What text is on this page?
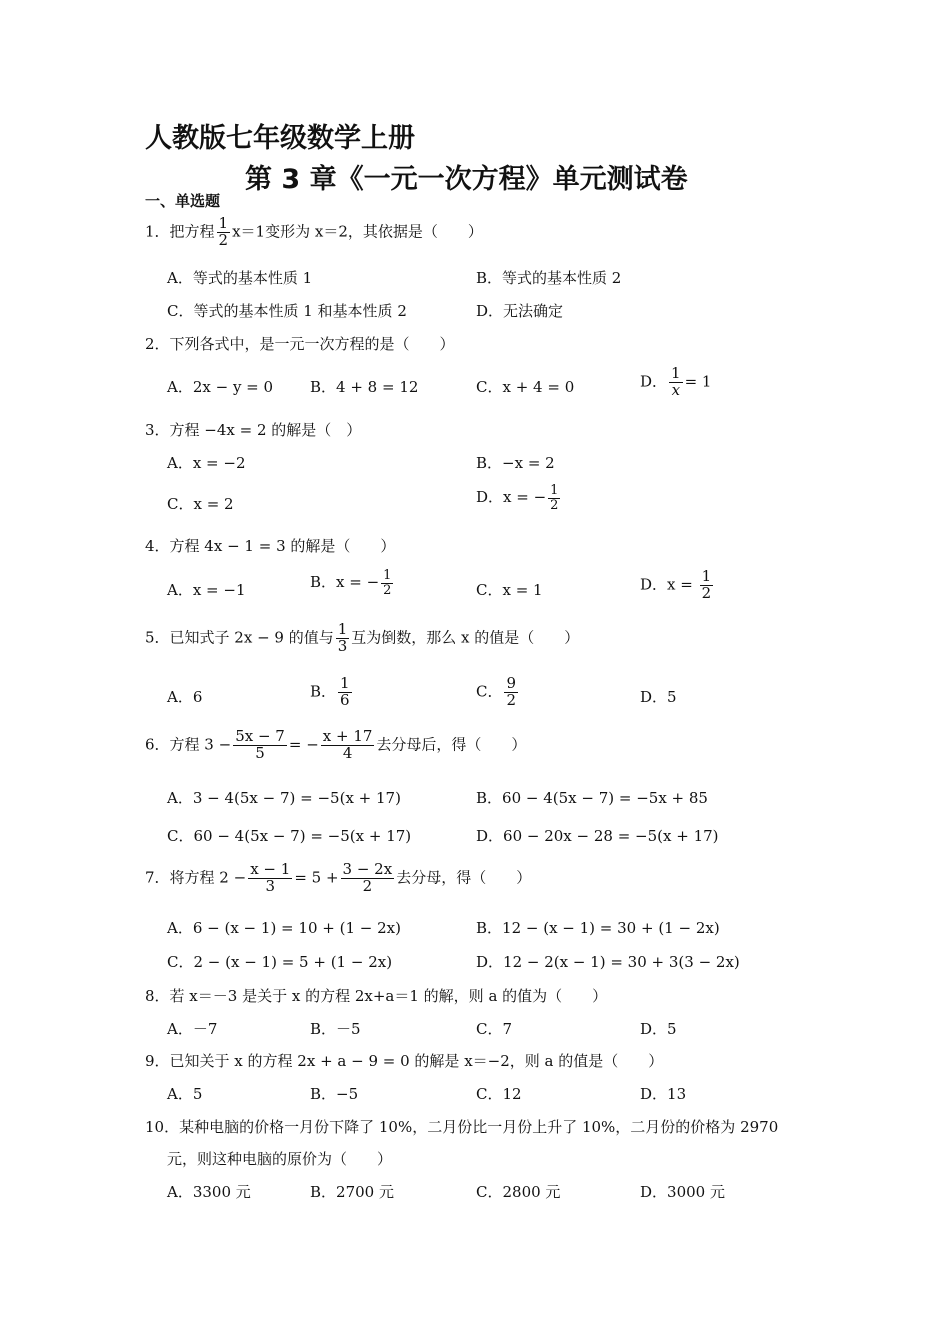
人教版七年级数学上册
第 3 章《一元一次方程》单元测试卷
一、单选题
1．把方程 $\frac{1}{2} x=1$变形为 x＝2，其依据是（　　）
A．等式的基本性质 1	B．等式的基本性质 2
C．等式的基本性质 1 和基本性质 2	D．无法确定
2．下列各式中，是一元一次方程的是（　　）
A．2x − y = 0 B．4 + 8 = 12	C．x + 4 = 0	D． $\frac{1}{x} = 1$
3．方程 −4x = 2 的解是（　）
A．x = −2	B．−x = 2
C．x = 2	D．x = − $\frac{1}{2}$
4．方程 4x − 1 = 3 的解是（　　）
A．x = −1	B．x = − $\frac{1}{2}$	C．x = 1	D．$x = \frac{1}{2}$
5．已知式子 2x − 9 的值与 $\frac{1}{3}$ 互为倒数，那么 x 的值是（　　）
A．6	B． $\frac{1}{6}$	C． $\frac{9}{2}$	D．5
6．方程 $3 - \frac{5x - 7}{5}$ = − $\frac{x + 17}{4}$ 去分母后，得（　　）
A．3 − 4(5x − 7) = −5(x + 17)	B．60 − 4(5x − 7) = −5x + 85
C．60 − 4(5x − 7) = −5(x + 17)	D．60 − 20x − 28 = −5(x + 17)
7．将方程 $2 - \frac{x - 1}{3} = 5 + \frac{3 - 2x}{2}$ 去分母，得（　　）
A．6 − (x − 1) = 10 + (1 − 2x)	B．12 − (x − 1) = 30 + (1 − 2x)
C．2 − (x − 1) = 5 + (1 − 2x)	D．12 − 2(x − 1) = 30 + 3(3 − 2x)
8．若 x＝－3 是关于 x 的方程 2x+a＝1 的解，则 a 的值为（　　）
A．－7	B．－5	C．7	D．5
9．已知关于 x 的方程 2x + a − 9 = 0 的解是 x＝−2，则 a 的值是（　　）
A．5	B．−5	C．12	D．13
10．某种电脑的价格一月份下降了 10%，二月份比一月份上升了 10%，二月份的价格为 2970
元，则这种电脑的原价为（　　）
A．3300 元	B．2700 元	C．2800 元	D．3000 元
